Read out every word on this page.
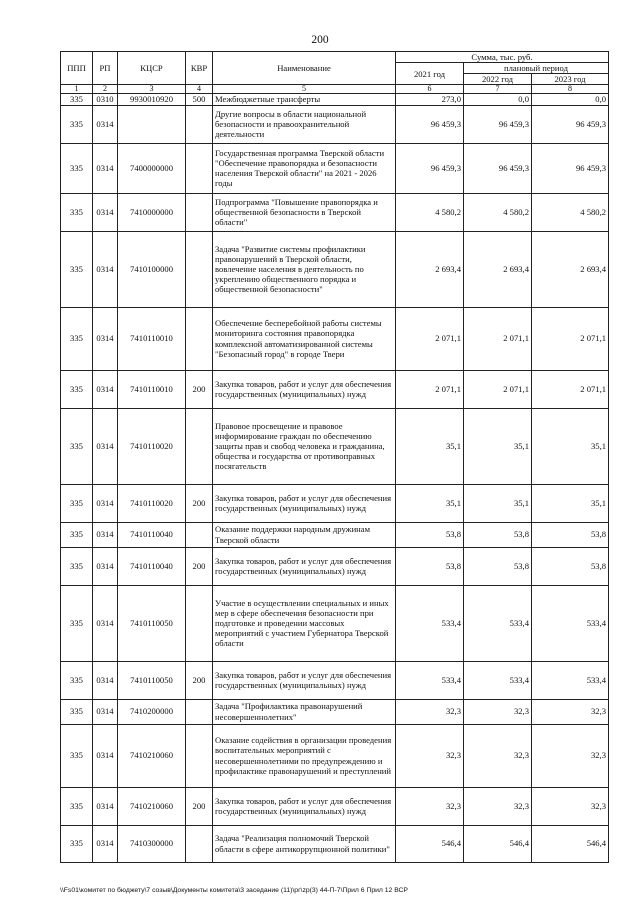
200
ППП	РП	КЦСР	КВР	Наименование	Сумма, тыс. руб.		
					2021 год	плановый период	
						2022 год	2023 год
1	2	3	4	5	6	7	8
335	0310	9930010920	500	Межбюджетные трансферты	273,0	0,0	0,0
335	0314			Другие вопросы в области национальной безопасности и правоохранительной деятельности	96 459,3	96 459,3	96 459,3
335	0314	7400000000		Государственная программа Тверской области "Обеспечение правопорядка и безопасности населения Тверской области" на 2021 - 2026 годы	96 459,3	96 459,3	96 459,3
335	0314	7410000000		Подпрограмма "Повышение правопорядка и общественной безопасности в Тверской области"	4 580,2	4 580,2	4 580,2
335	0314	7410100000		Задача "Развитие системы профилактики правонарушений в Тверской области, вовлечение населения в деятельность по укреплению общественного порядка и общественной безопасности"	2 693,4	2 693,4	2 693,4
335	0314	7410110010		Обеспечение бесперебойной работы системы мониторинга состояния правопорядка комплексной автоматизированной системы "Безопасный город" в городе Твери	2 071,1	2 071,1	2 071,1
335	0314	7410110010	200	Закупка товаров, работ и услуг для обеспечения государственных (муниципальных) нужд	2 071,1	2 071,1	2 071,1
335	0314	7410110020		Правовое просвещение и правовое информирование граждан по обеспечению защиты прав и свобод человека и гражданина, общества и государства от противоправных посягательств	35,1	35,1	35,1
335	0314	7410110020	200	Закупка товаров, работ и услуг для обеспечения государственных (муниципальных) нужд	35,1	35,1	35,1
335	0314	7410110040		Оказание поддержки народным дружинам Тверской области	53,8	53,8	53,8
335	0314	7410110040	200	Закупка товаров, работ и услуг для обеспечения государственных (муниципальных) нужд	53,8	53,8	53,8
335	0314	7410110050		Участие в осуществлении специальных и иных мер в сфере обеспечения безопасности при подготовке и проведении массовых мероприятий с участием Губернатора Тверской области	533,4	533,4	533,4
335	0314	7410110050	200	Закупка товаров, работ и услуг для обеспечения государственных (муниципальных) нужд	533,4	533,4	533,4
335	0314	7410200000		Задача "Профилактика правонарушений несовершеннолетних"	32,3	32,3	32,3
335	0314	7410210060		Оказание содействия в организации проведения воспитательных мероприятий с несовершеннолетними по предупреждению и профилактике правонарушений и преступлений	32,3	32,3	32,3
335	0314	7410210060	200	Закупка товаров, работ и услуг для обеспечения государственных (муниципальных) нужд	32,3	32,3	32,3
335	0314	7410300000		Задача "Реализация полномочий Тверской области в сфере антикоррупционной политики"	546,4	546,4	546,4
\\Fs01\комитет по бюджету\7 созыв\Документы комитета\3 заседание (11)\рг\zp(3) 44-П-7\Прил 6 Прил 12 ВСР
